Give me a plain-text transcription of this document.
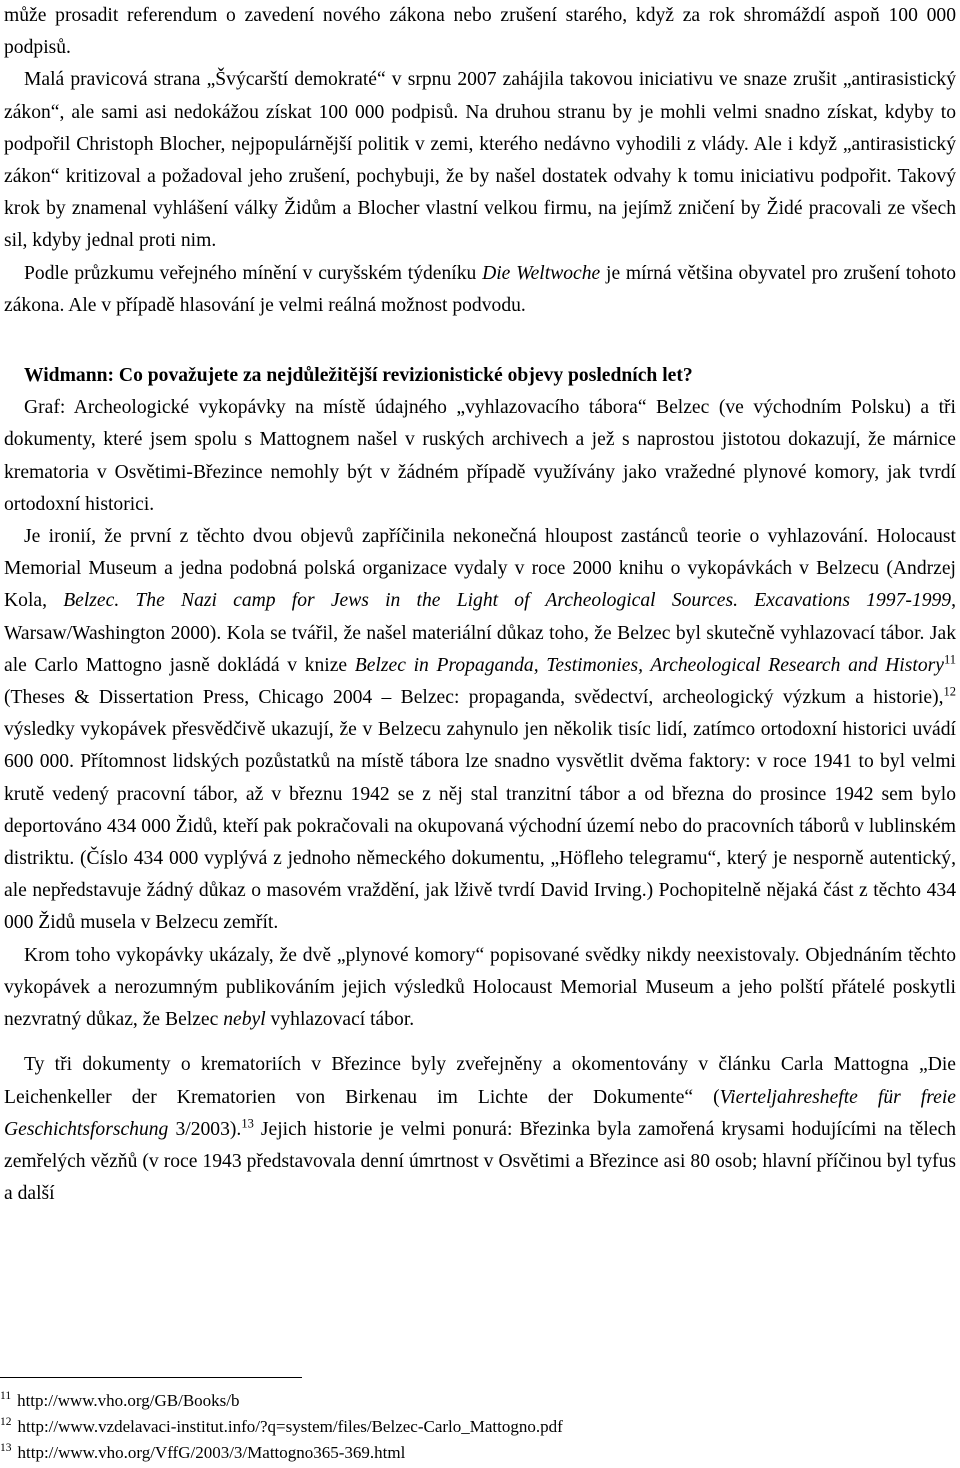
může prosadit referendum o zavedení nového zákona nebo zrušení starého, když za rok shromáždí aspoň 100 000 podpisů.

Malá pravicová strana „Švýcarští demokraté“ v srpnu 2007 zahájila takovou iniciativu ve snaze zrušit „antirasistický zákon“, ale sami asi nedokážou získat 100 000 podpisů. Na druhou stranu by je mohli velmi snadno získat, kdyby to podpořil Christoph Blocher, nejpopulárnější politik v zemi, kterého nedávno vyhodili z vlády. Ale i když „antirasistický zákon“ kritizoval a požadoval jeho zrušení, pochybuji, že by našel dostatek odvahy k tomu iniciativu podpořit. Takový krok by znamenal vyhlášení války Židům a Blocher vlastní velkou firmu, na jejímž zničení by Židé pracovali ze všech sil, kdyby jednal proti nim.

Podle průzkumu veřejného mínění v curyšském týdeníku Die Weltwoche je mírná většina obyvatel pro zrušení tohoto zákona. Ale v případě hlasování je velmi reálná možnost podvodu.

Widmann: Co považujete za nejdůležitější revizionistické objevy posledních let?

Graf: Archeologické vykopávky na místě údajného „vyhlazovacího tábora“ Belzec (ve východním Polsku) a tři dokumenty, které jsem spolu s Mattognem našel v ruských archivech a jež s naprostou jistotou dokazují, že márnice krematoria v Osvětimi-Březince nemohly být v žádném případě využívány jako vražedné plynové komory, jak tvrdí ortodoxní historici.

Je ironií, že první z těchto dvou objevů zapříčinila nekonečná hloupost zastánců teorie o vyhlazování. Holocaust Memorial Museum a jedna podobná polská organizace vydaly v roce 2000 knihu o vykopávkách v Belzecu (Andrzej Kola, Belzec. The Nazi camp for Jews in the Light of Archeological Sources. Excavations 1997-1999, Warsaw/Washington 2000). Kola se tvářil, že našel materiální důkaz toho, že Belzec byl skutečně vyhlazovací tábor. Jak ale Carlo Mattogno jasně dokládá v knize Belzec in Propaganda, Testimonies, Archeological Research and History$^{11}$ (Theses & Dissertation Press, Chicago 2004 – Belzec: propaganda, svědectví, archeologický výzkum a historie),$^{12}$ výsledky vykopávek přesvědčivě ukazují, že v Belzecu zahynulo jen několik tisíc lidí, zatímco ortodoxní historici uvádí 600 000. Přítomnost lidských pozůstatků na místě tábora lze snadno vysvětlit dvěma faktory: v roce 1941 to byl velmi krutě vedený pracovní tábor, až v březnu 1942 se z něj stal tranzitní tábor a od března do prosince 1942 sem bylo deportováno 434 000 Židů, kteří pak pokračovali na okupovaná východní území nebo do pracovních táborů v lublinském distriktu. (Číslo 434 000 vyplývá z jednoho německého dokumentu, „Höfleho telegramu“, který je nesporně autentický, ale nepředstavuje žádný důkaz o masovém vraždění, jak lživě tvrdí David Irving.) Pochopitelně nějaká část z těchto 434 000 Židů musela v Belzecu zemřít.

Krom toho vykopávky ukázaly, že dvě „plynové komory“ popisované svědky nikdy neexistovaly. Objednáním těchto vykopávek a nerozumným publikováním jejich výsledků Holocaust Memorial Museum a jeho polští přátelé poskytli nezvratný důkaz, že Belzec nebyl vyhlazovací tábor.

Ty tři dokumenty o krematoriích v Březince byly zveřejněny a okomentovány v článku Carla Mattogna „Die Leichenkeller der Krematorien von Birkenau im Lichte der Dokumente“ (Vierteljahreshefte für freie Geschichtsforschung 3/2003).$^{13}$ Jejich historie je velmi ponurá: Březinka byla zamořená krysami hodujícími na tělech zemřelých vězňů (v roce 1943 představovala denní úmrtnost v Osvětimi a Březince asi 80 osob; hlavní příčinou byl tyfus a další

$^{11}$ http://www.vho.org/GB/Books/b
$^{12}$ http://www.vzdelavaci-institut.info/?q=system/files/Belzec-Carlo_Mattogno.pdf
$^{13}$ http://www.vho.org/VffG/2003/3/Mattogno365-369.html
